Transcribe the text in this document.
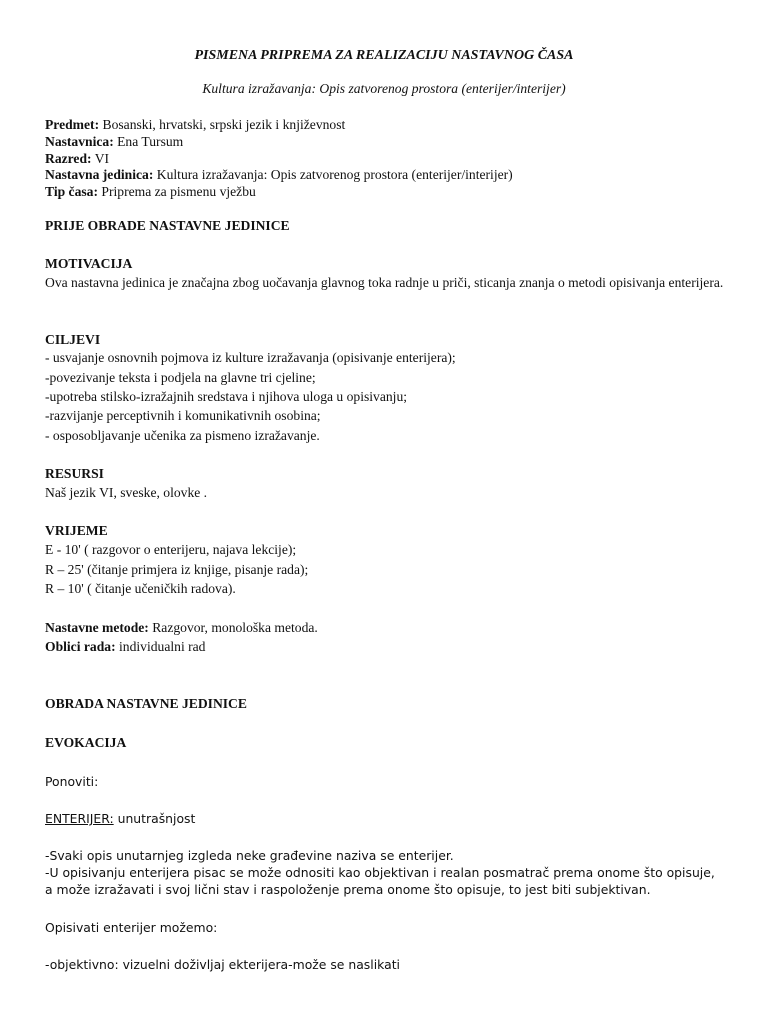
PISMENA PRIPREMA ZA REALIZACIJU NASTAVNOG ČASA
Kultura izražavanja: Opis zatvorenog prostora (enterijer/interijer)
Predmet: Bosanski, hrvatski, srpski jezik i književnost
Nastavnica: Ena Tursum
Razred: VI
Nastavna jedinica: Kultura izražavanja: Opis zatvorenog prostora (enterijer/interijer)
Tip časa: Priprema za pismenu vježbu
PRIJE OBRADE NASTAVNE JEDINICE
MOTIVACIJA
Ova nastavna jedinica je značajna zbog uočavanja glavnog toka radnje u priči, sticanja znanja o metodi opisivanja enterijera.
CILJEVI
- usvajanje osnovnih pojmova iz kulture izražavanja (opisivanje enterijera);
-povezivanje teksta i podjela na glavne tri cjeline;
-upotreba stilsko-izražajnih sredstava i njihova uloga u opisivanju;
-razvijanje perceptivnih i komunikativnih osobina;
- osposobljavanje učenika za pismeno izražavanje.
RESURSI
Naš jezik VI, sveske, olovke .
VRIJEME
E - 10' ( razgovor o enterijeru, najava lekcije);
R – 25' (čitanje primjera iz knjige, pisanje rada);
R – 10' ( čitanje učeničkih radova).
Nastavne metode: Razgovor, monološka metoda.
Oblici rada: individualni rad
OBRADA NASTAVNE JEDINICE
EVOKACIJA
Ponoviti:
ENTERIJER: unutrašnjost
-Svaki opis unutarnjeg izgleda neke građevine naziva se enterijer.
-U opisivanju enterijera pisac se može odnositi kao objektivan i realan posmatrač prema onome što opisuje, a može izražavati i svoj lični stav i raspoloženje prema onome što opisuje, to jest biti subjektivan.
Opisivati enterijer možemo:
-objektivno: vizuelni doživljaj ekterijera-može se naslikati
